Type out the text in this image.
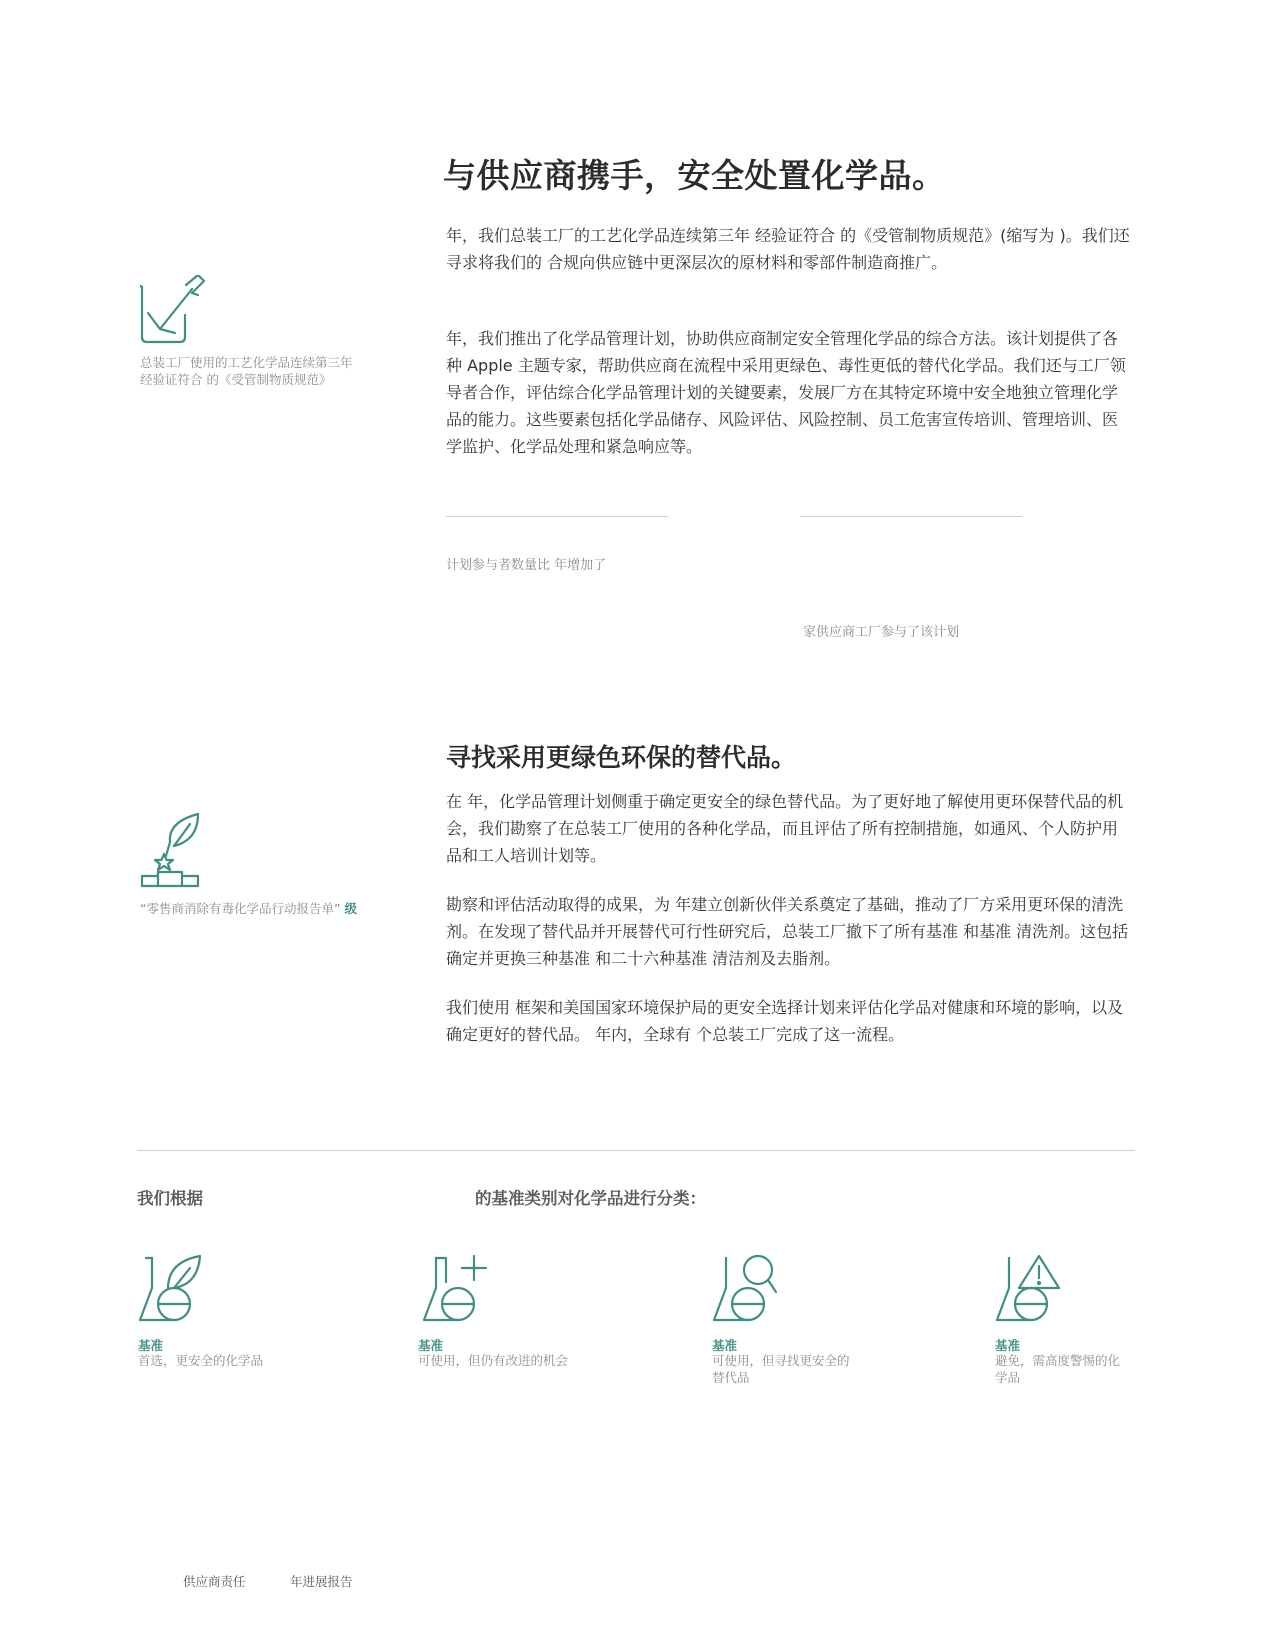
与供应商携手，安全处置化学品。

年，我们总装工厂的工艺化学品连续第三年 经验证符合 的《受管制物质规范》(缩写为 )。我们还寻求将我们的 合规向供应链中更深层次的原材料和零部件制造商推广。

年，我们推出了化学品管理计划，协助供应商制定安全管理化学品的综合方法。该计划提供了各种 Apple 主题专家，帮助供应商在流程中采用更绿色、毒性更低的替代化学品。我们还与工厂领导者合作，评估综合化学品管理计划的关键要素，发展厂方在其特定环境中安全地独立管理化学品的能力。这些要素包括化学品储存、风险评估、风险控制、员工危害宣传培训、管理培训、医学监护、化学品处理和紧急响应等。

总装工厂使用的工艺化学品连续第三年 经验证符合 的《受管制物质规范》

计划参与者数量比 年增加了
家供应商工厂参与了该计划
寻找采用更绿色环保的替代品。

在 年，化学品管理计划侧重于确定更安全的绿色替代品。为了更好地了解使用更环保替代品的机会，我们勘察了在总装工厂使用的各种化学品，而且评估了所有控制措施，如通风、个人防护用品和工人培训计划等。

勘察和评估活动取得的成果，为 年建立创新伙伴关系奠定了基础，推动了厂方采用更环保的清洗剂。在发现了替代品并开展替代可行性研究后，总装工厂撤下了所有基准 和基准 清洗剂。这包括确定并更换三种基准 和二十六种基准 清洁剂及去脂剂。

我们使用 框架和美国国家环境保护局的更安全选择计划来评估化学品对健康和环境的影响，以及确定更好的替代品。 年内，全球有 个总装工厂完成了这一流程。

“零售商消除有毒化学品行动报告单” 级
我们根据	的基准类别对化学品进行分类：
基准
首选，更安全的化学品
基准
可使用，但仍有改进的机会
基准
可使用，但寻找更安全的替代品
基准
避免，需高度警惕的化学品
供应商责任	年进展报告
